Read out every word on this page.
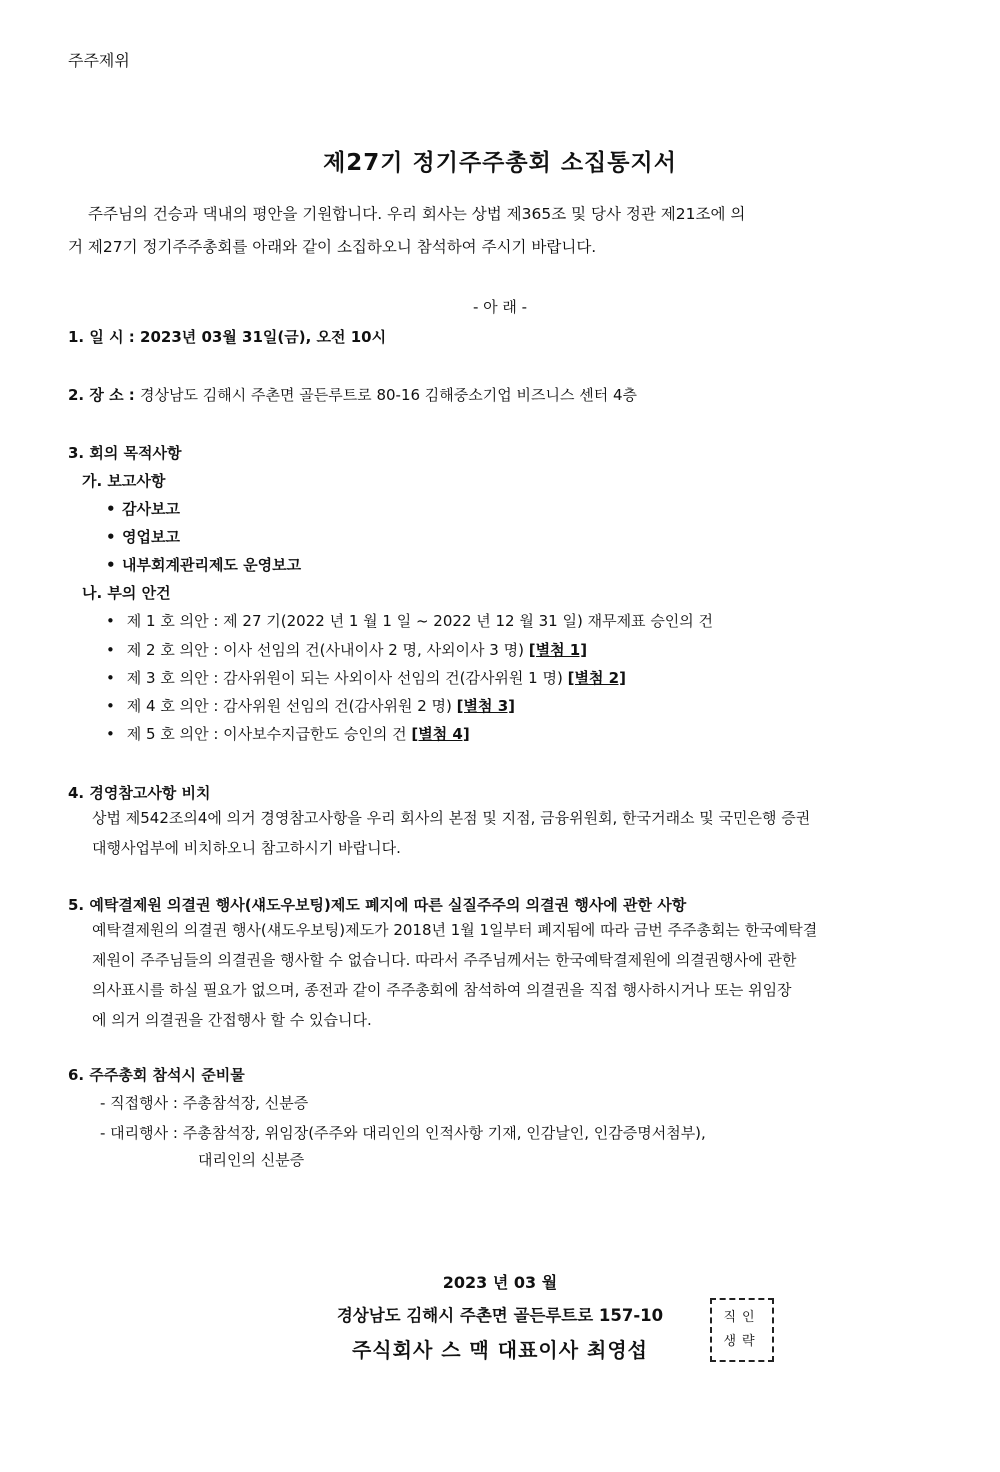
주주제위
제27기 정기주주총회 소집통지서

주주님의 건승과 댁내의 평안을 기원합니다. 우리 회사는 상법 제365조 및 당사 정관 제21조에 의

거 제27기 정기주주총회를 아래와 같이 소집하오니 참석하여 주시기 바랍니다.

- 아 래 -
1. 일 시 : 2023년 03월 31일(금), 오전 10시
2. 장 소 : 경상남도 김해시 주촌면 골든루트로 80-16 김해중소기업 비즈니스 센터 4층
3. 회의 목적사항
가. 보고사항
• 감사보고
• 영업보고
• 내부회계관리제도 운영보고
나. 부의 안건
• 제 1 호 의안 : 제 27 기(2022 년 1 월 1 일 ~ 2022 년 12 월 31 일) 재무제표 승인의 건
• 제 2 호 의안 : 이사 선임의 건(사내이사 2 명, 사외이사 3 명) [별첨 1]
• 제 3 호 의안 : 감사위원이 되는 사외이사 선임의 건(감사위원 1 명) [별첨 2]
• 제 4 호 의안 : 감사위원 선임의 건(감사위원 2 명) [별첨 3]
• 제 5 호 의안 : 이사보수지급한도 승인의 건 [별첨 4]
4. 경영참고사항 비치

상법 제542조의4에 의거 경영참고사항을 우리 회사의 본점 및 지점, 금융위원회, 한국거래소 및 국민은행 증권

대행사업부에 비치하오니 참고하시기 바랍니다.

5. 예탁결제원 의결권 행사(섀도우보팅)제도 폐지에 따른 실질주주의 의결권 행사에 관한 사항

예탁결제원의 의결권 행사(섀도우보팅)제도가 2018년 1월 1일부터 폐지됨에 따라 금번 주주총회는 한국예탁결

제원이 주주님들의 의결권을 행사할 수 없습니다. 따라서 주주님께서는 한국예탁결제원에 의결권행사에 관한

의사표시를 하실 필요가 없으며, 종전과 같이 주주총회에 참석하여 의결권을 직접 행사하시거나 또는 위임장

에 의거 의결권을 간접행사 할 수 있습니다.

6. 주주총회 참석시 준비물
- 직접행사 : 주총참석장, 신분증
- 대리행사 : 주총참석장, 위임장(주주와 대리인의 인적사항 기재, 인감날인, 인감증명서첨부),
대리인의 신분증
2023 년 03 월
경상남도 김해시 주촌면 골든루트로 157-10
주식회사 스 맥 대표이사 최영섭
직인
생략
